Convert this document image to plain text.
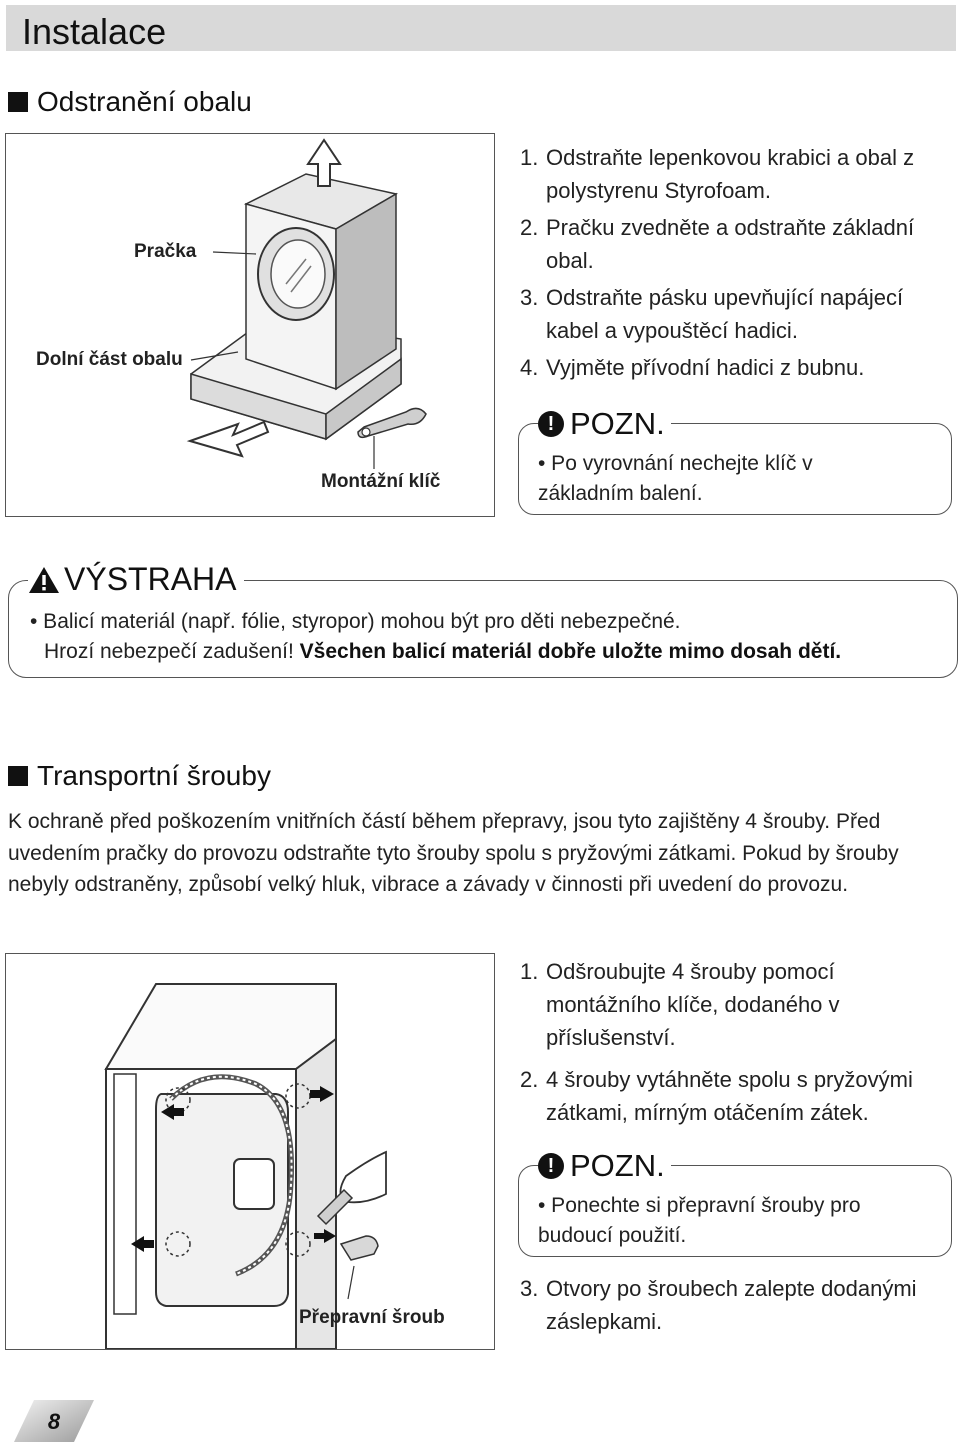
Instalace
Odstranění obalu
Pračka
Dolní část obalu
Montážní klíč
1. Odstraňte lepenkovou krabici a obal z polystyrenu Styrofoam.
2. Pračku zvedněte a odstraňte základní obal.
3. Odstraňte pásku upevňující napájecí kabel a vypouštěcí hadici.
4. Vyjměte přívodní hadici z bubnu.
! POZN.
• Po vyrovnání nechejte klíč v základním balení.
VÝSTRAHA
• Balicí materiál (např. fólie, styropor) mohou být pro děti nebezpečné.
Hrozí nebezpečí zadušení! Všechen balicí materiál dobře uložte mimo dosah dětí.
Transportní šrouby
K ochraně před poškozením vnitřních částí během přepravy, jsou tyto zajištěny 4 šrouby. Před uvedením pračky do provozu odstraňte tyto šrouby spolu s pryžovými zátkami. Pokud by šrouby nebyly odstraněny, způsobí velký hluk, vibrace a závady v činnosti při uvedení do provozu.
Přepravní šroub
1. Odšroubujte 4 šrouby pomocí montážního klíče, dodaného v příslušenství.
2. 4 šrouby vytáhněte spolu s pryžovými zátkami, mírným otáčením zátek.
! POZN.
• Ponechte si přepravní šrouby pro budoucí použití.
3. Otvory po šroubech zalepte dodanými záslepkami.
8
